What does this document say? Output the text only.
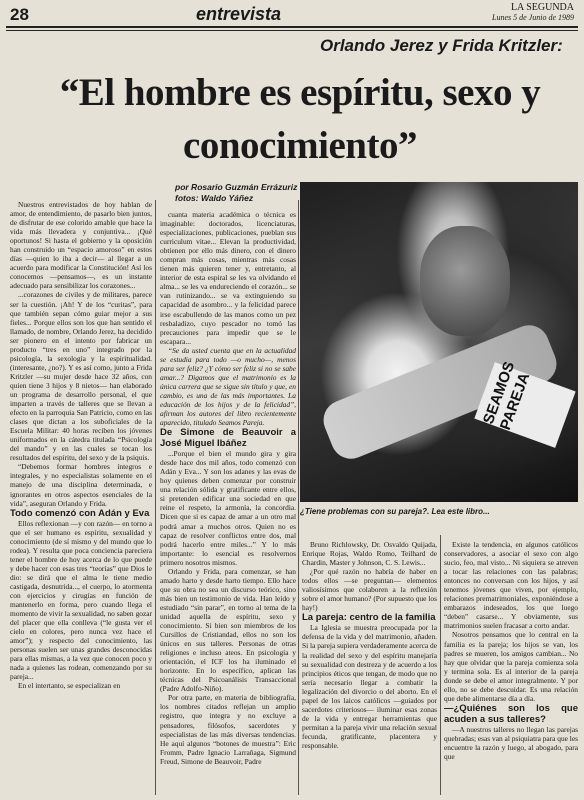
28	entrevista	LA SEGUNDA
Lunes 5 de Junio de 1989
Orlando Jerez y Frida Kritzler:
“El hombre es espíritu, sexo y conocimiento”
por Rosario Guzmán Errázuriz
fotos: Waldo Yáñez
SEAMOS PAREJA
¿Tiene problemas con su pareja?. Lea este libro...

Nuestros entrevistados de hoy hablan de amor, de entendimiento, de pasarlo bien juntos, de disfrutar de ese colorido amable que hace la vida más llevadera y conjuntiva... ¡Qué oportunos! Si hasta el gobierno y la oposición han construido un “espacio amoroso” en estos días —quien lo iba a decir— al llegar a un acuerdo para modificar la Constitución! Así los conocemos —pensamos—, es un instante adecuado para sensibilizar los corazones...

...corazones de civiles y de militares, parece ser la cuestión. ¡Ah! Y de los “curitas”, para que también sepan cómo guiar mejor a sus fieles... Porque ellos son los que han sentido el llamado, de nombre, Orlando Jerez, ha decidido ser pionero en el intento por fabricar un producto “tres en uno” integrado por la psicología, la sexología y la espiritualidad. (interesante, ¿no?). Y es así como, junto a Frida Kritzler —su mujer desde hace 32 años, con quien tiene 3 hijos y 8 nietos— han elaborado un programa de desarrollo personal, el que imparten a través de talleres que se llevan a efecto en la parroquia San Patricio, como en las clases que dictan a los suboficiales de la Escuela Militar: 40 horas reciben los jóvenes uniformados en la cátedra titulada “Psicología del mando” y en las cuales se tocan los resultados del espíritu, del sexo y de la psiquis.

“Debemos formar hombres íntegros e integrales, y no especialistas solamente en el manejo de una disciplina determinada, e ignorantes en otros aspectos esenciales de la vida”, aseguran Orlando y Frida.

Todo comenzó con Adán y Eva

Ellos reflexionan —y con razón— en torno a que el ser humano es espíritu, sexualidad y conocimiento (de sí mismo y del mundo que lo rodea). Y resulta que poca conciencia pareciera tener el hombre de hoy acerca de lo que puede y debe hacer con esas tres “teorías” que Dios le dio: se dirá que el alma le tiene medio castigada, desnutrida..., el cuerpo, lo atormenta con ejercicios y cirugías en función de mantenerlo en forma, pero cuando llega el momento de vivir la sexualidad, no saben gozar del placer que ella conlleva (“le gusta ver el cielo en colores, pero nunca vez hace el amor”); y respecto del conocimiento, las personas suelen ser unas grandes desconocidas para ellas mismas, a la vez que conocen poco y nada a quienes las rodean, comenzando por su pareja...

En el intertanto, se especializan en

cuanta materia académica o técnica es imaginable: doctorados, licenciaturas, especializaciones, publicaciones, pueblan sus curriculum vitae... Elevan la productividad, obtienen por ello más dinero, con el dinero compran más cosas, mientras más cosas tienen más quieren tener y, entretanto, al interior de esta espiral se les va olvidando el alma... se les va endureciendo el corazón... se van rutinizando... se va extinguiendo su capacidad de asombro... y la felicidad parece irse escabullendo de las manos como un pez resbaladizo, cuyo pescador no tomó las precauciones para impedir que se le escapara...

“Se da usted cuenta que en la actualidad se estudia para todo —o mucho—, menos para ser feliz? ¿Y cómo ser feliz si no se sabe amar...? Digamos que el matrimonio es la única carrera que se sigue sin título y que, en cambio, es una de las más importantes. La educación de los hijos y de la felicidad”, afirman los autores del libro recientemente aparecido, titulado Seamos Pareja.

De Simone de Beauvoir a José Miguel Ibáñez

...Porque el bien el mundo gira y gira desde hace dos mil años, todo comenzó con Adán y Eva... Y son los adanes y las evas de hoy quienes deben comenzar por construir una relación sólida y gratificante entre ellos, si pretenden edificar una sociedad en que reine el respeto, la armonía, la concordia. Dicen que si es capaz de amar a un otro mal podrá amar a muchos otros. Quien no es capaz de resolver conflictos entre dos, mal podrá hacerlo entre miles...” Y lo más importante: lo esencial es resolvernos primero nosotros mismos.

Orlando y Frida, para comenzar, se han amado harto y desde harto tiempo. Ello hace que su obra no sea un discurso teórico, sino más bien un testimonio de vida. Han leído y estudiado “sin parar”, en torno al tema de la unidad aquella de espíritu, sexo y conocimiento. Si bien son miembros de los Cursillos de Cristiandad, ellos no son los únicos en sus talleres. Personas de otras religiones e incluso ateos. En psicología y orientación, el ICF los ha iluminado el horizonte. En lo específico, aplican las técnicas del Psicoanálisis Transaccional (Padre Adolfo-Niño).

Por otra parte, en materia de bibliografía, los nombres citados reflejan un amplio registro, que integra y no excluye a pensadores, filósofos, sacerdotes y especialistas de las más diversas tendencias. He aquí algunos “botones de muestra”: Eric Fromm, Padre Ignacio Larrañaga, Sigmund Freud, Simone de Beauvoir, Padre

Bruno Richlowsky, Dr. Osvaldo Quijada, Enrique Rojas, Waldo Romo, Teilhard de Chardin, Master y Johnson, C. S. Lewis...

¿Por qué razón no habría de haber en todos ellos —se preguntan— elementos valiosísimos que colaboren a la reflexión sobre el amor humano? (Por supuesto que los hay!)

La pareja: centro de la familia

La Iglesia se muestra preocupada por la defensa de la vida y del matrimonio, añaden. Si la pareja supiera verdaderamente acerca de la realidad del sexo y del espíritu manejaría su sexualidad con destreza y de acuerdo a los principios éticos que tengan, de modo que no sería necesario llegar a combatir la legalización del divorcio o del aborto. En el papel de los laicos católicos —guiados por sacerdotes criteriosos— iluminar esas zonas de la vida y entregar herramientas que permitan a la pareja vivir una relación sexual fecunda, gratificante, placentera y responsable.

Existe la tendencia, en algunos católicos conservadores, a asociar el sexo con algo sucio, feo, mal visto... Ni siquiera se atreven a tocar las relaciones con las palabras; entonces no conversan con los hijos, y así tenemos jóvenes que viven, por ejemplo, relaciones prematrimoniales, exponiéndose a embarazos indeseados, los que luego “deben” casarse... Y obviamente, sus matrimonios suelen fracasar a corto andar.

Nosotros pensamos que lo central en la familia es la pareja; los hijos se van, los padres se mueren, los amigos cambian... No hay que olvidar que la pareja comienza sola y termina sola. Es al interior de la pareja donde se debe el amor integralmente. Y por ello, no se debe descuidar. Es una relación que debe alimentarse día a día.

—¿Quiénes son los que acuden a sus talleres?

—A nuestros talleres no llegan las parejas quebradas; esas van al psiquiatra para que les encuentre la razón y luego, al abogado, para que
